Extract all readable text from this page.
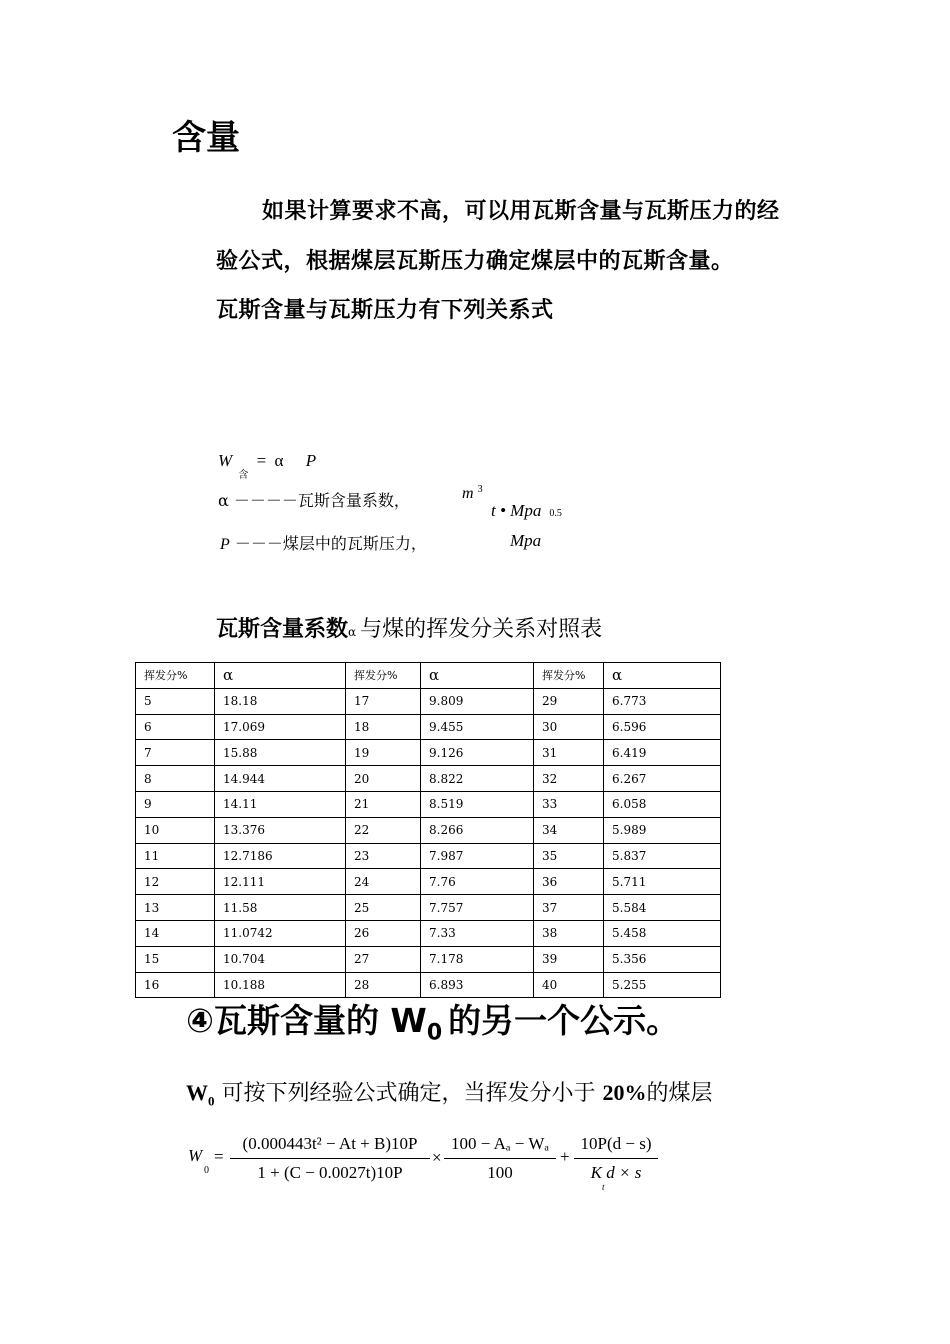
含量
如果计算要求不高，可以用瓦斯含量与瓦斯压力的经
验公式，根据煤层瓦斯压力确定煤层中的瓦斯含量。
瓦斯含量与瓦斯压力有下列关系式
W $_含$ = α P
α －－－－瓦斯含量系数，	m $^3$
t • Mpa 0.5
P －－－煤层中的瓦斯压力，	Mpa
瓦斯含量系数α 与煤的挥发分关系对照表
挥发分%	α	挥发分%	α	挥发分%	α
5	18.18	17	9.809	29	6.773
6	17.069	18	9.455	30	6.596
7	15.88	19	9.126	31	6.419
8	14.944	20	8.822	32	6.267
9	14.11	21	8.519	33	6.058
10	13.376	22	8.266	34	5.989
11	12.7186	23	7.987	35	5.837
12	12.111	24	7.76	36	5.711
13	11.58	25	7.757	37	5.584
14	11.0742	26	7.33	38	5.458
15	10.704	27	7.178	39	5.356
16	10.188	28	6.893	40	5.255
④瓦斯含量的 $W_0$ 的另一个公示。
$W_0$ 可按下列经验公式确定，当挥发分小于 20%的煤层
W
0
= $\frac{\text{(0.000443t² − At + B)10P}}{1 + (C - 0.0027t)10P} \times \frac{\text{100 − Aₐ − Wₐ}}{100} + \frac{10P(d - s)}{\text{K d × s}}$
t
